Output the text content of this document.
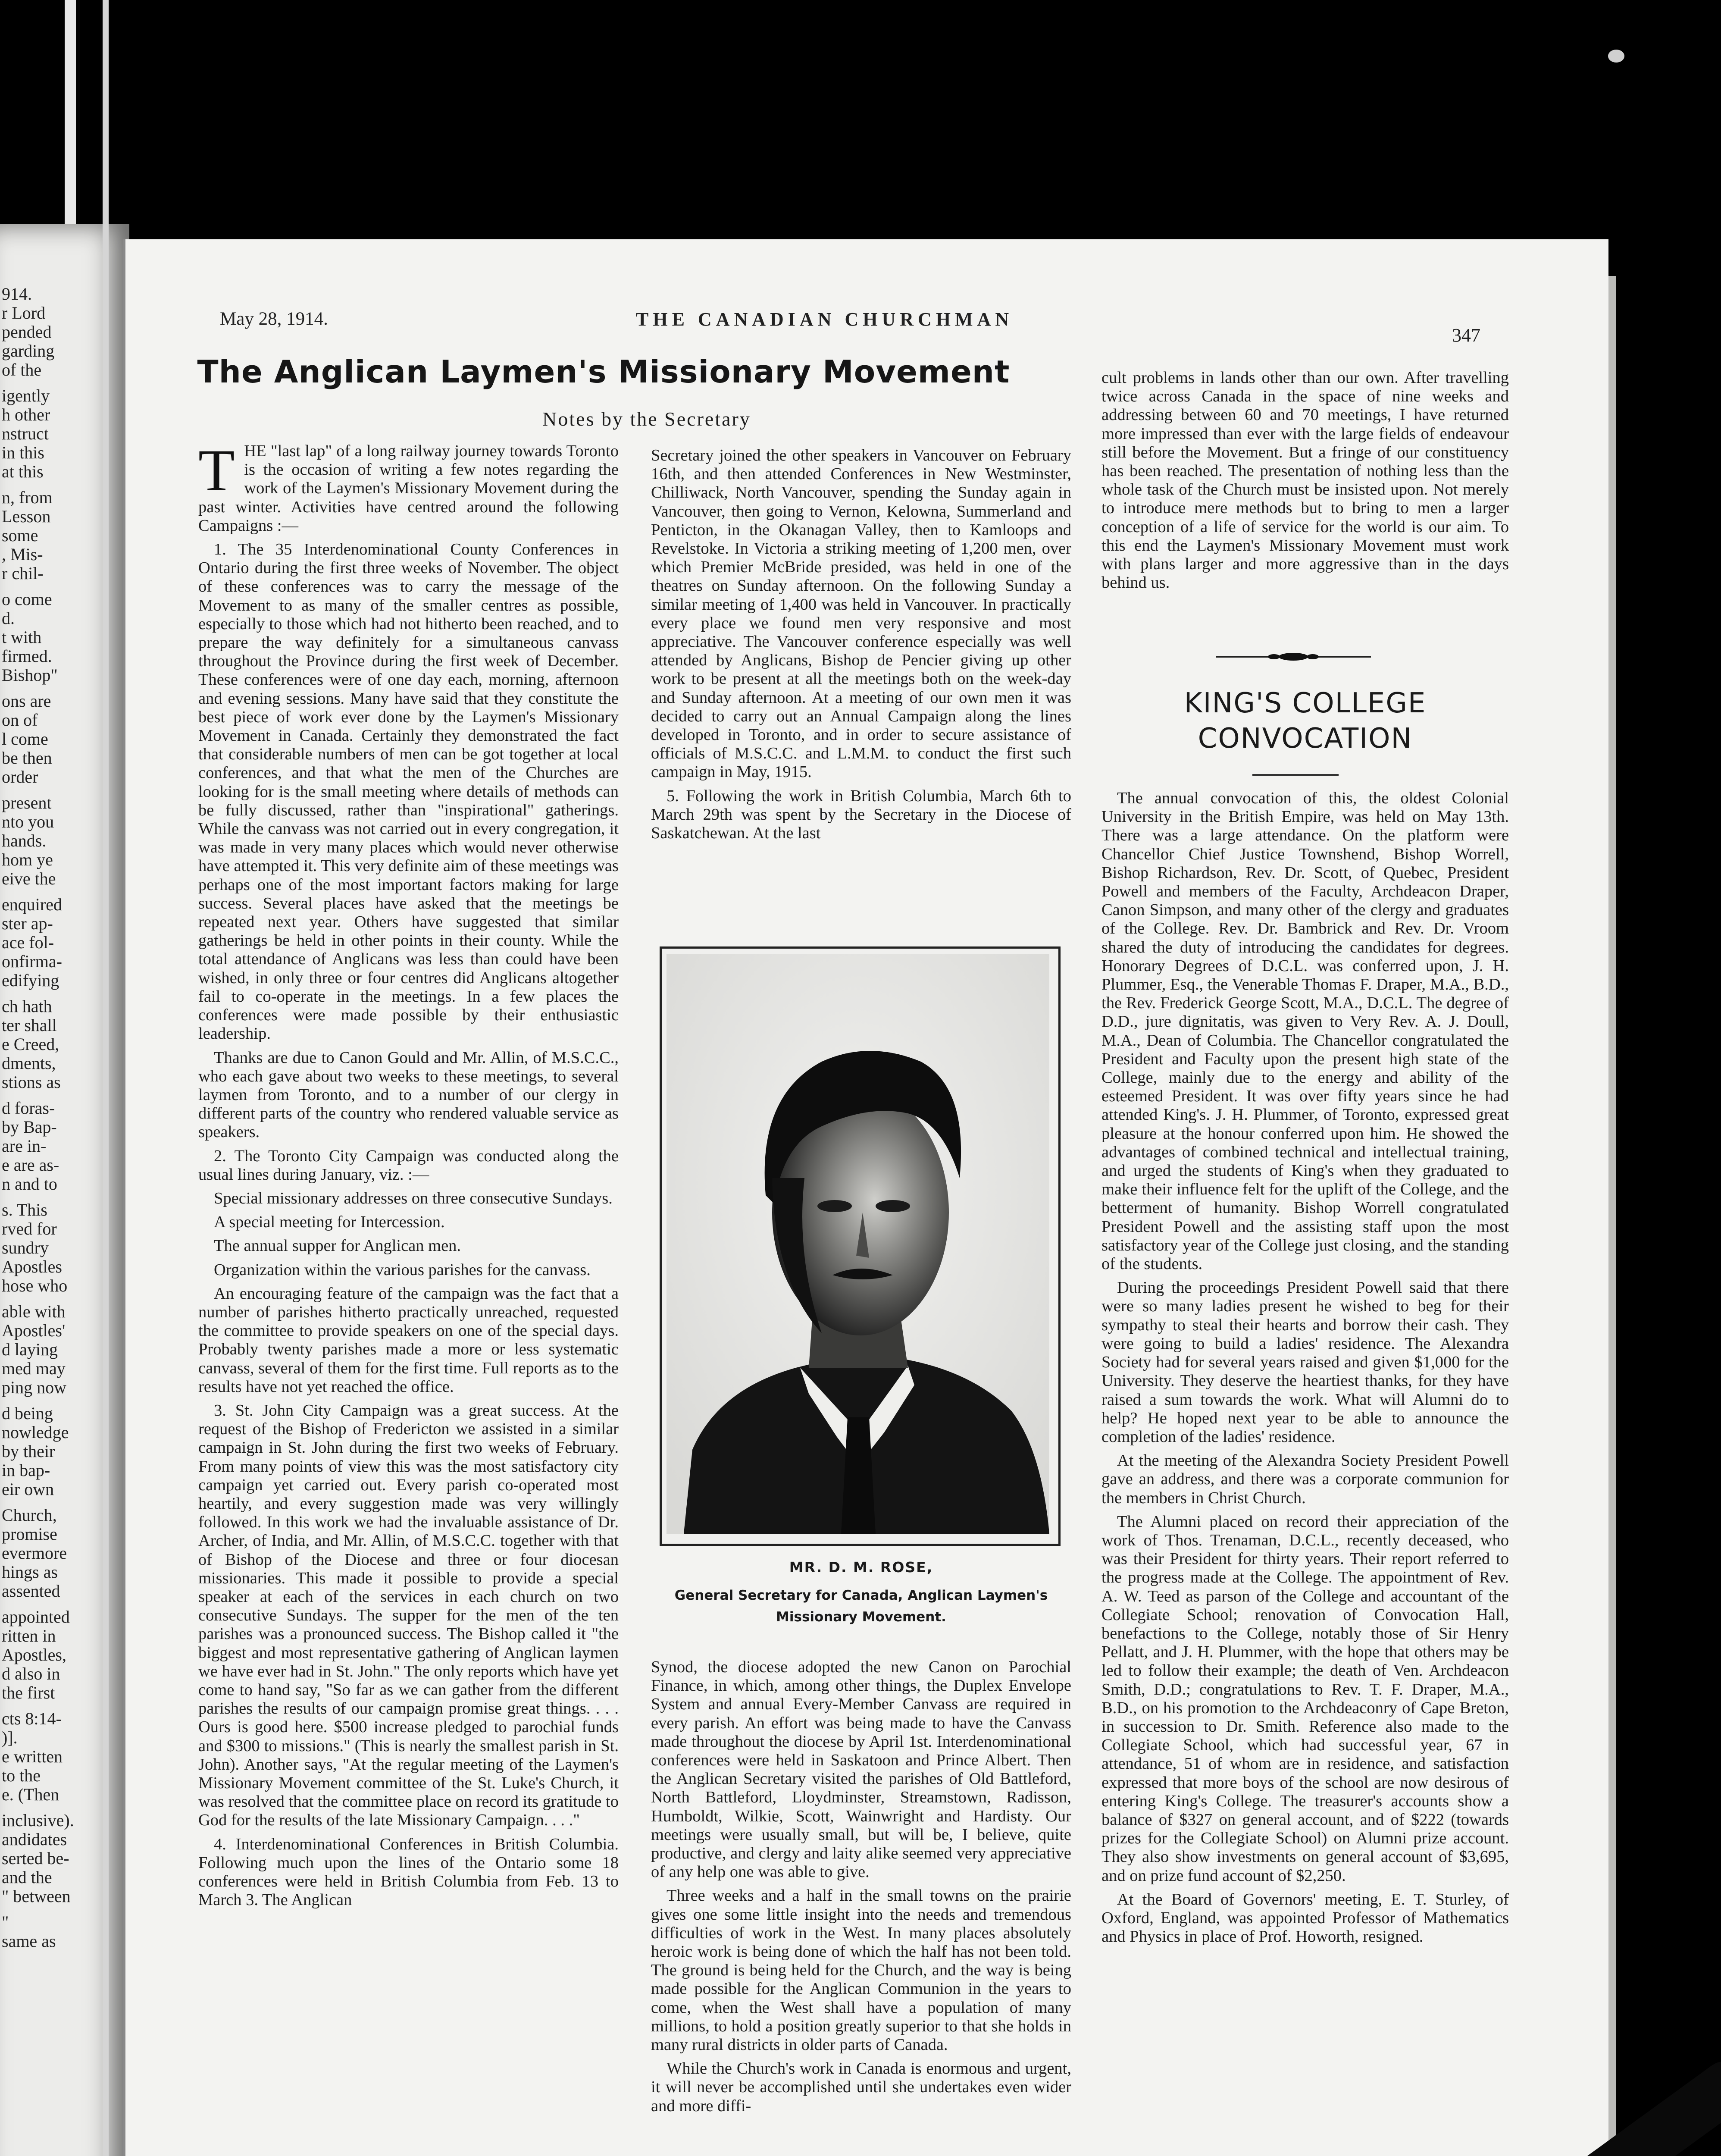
914.
r Lord
pended
garding
of the
igently
h other
nstruct
in this
at this
n, from
Lesson
some
, Mis-
r chil-
o come
d.
t with
firmed.
Bishop"
ons are
on of
l come
be then
order
present
nto you
hands.
hom ye
eive the
enquired
ster ap-
ace fol-
onfirma-
edifying
ch hath
ter shall
e Creed,
dments,
stions as
d foras-
by Bap-
are in-
e are as-
n and to
s. This
rved for
sundry
Apostles
hose who
able with
Apostles'
d laying
med may
ping now
d being
nowledge
by their
in bap-
eir own
Church,
promise
evermore
hings as
assented
appointed
ritten in
Apostles,
d also in
the first
cts 8:14-
)].
e written
to the
e. (Then
inclusive).
andidates
serted be-
and the
" between
"
same as
May 28, 1914.	THE CANADIAN CHURCHMAN
347
The Anglican Laymen's Missionary Movement
Notes by the Secretary

THE "last lap" of a long railway journey towards Toronto is the occasion of writing a few notes regarding the work of the Laymen's Missionary Movement during the past winter. Activities have centred around the following Campaigns :—

1. The 35 Interdenominational County Conferences in Ontario during the first three weeks of November. The object of these conferences was to carry the message of the Movement to as many of the smaller centres as possible, especially to those which had not hitherto been reached, and to prepare the way definitely for a simultaneous canvass throughout the Province during the first week of December. These conferences were of one day each, morning, afternoon and evening sessions. Many have said that they constitute the best piece of work ever done by the Laymen's Missionary Movement in Canada. Certainly they demonstrated the fact that considerable numbers of men can be got together at local conferences, and that what the men of the Churches are looking for is the small meeting where details of methods can be fully discussed, rather than "inspirational" gatherings. While the canvass was not carried out in every congregation, it was made in very many places which would never otherwise have attempted it. This very definite aim of these meetings was perhaps one of the most important factors making for large success. Several places have asked that the meetings be repeated next year. Others have suggested that similar gatherings be held in other points in their county. While the total attendance of Anglicans was less than could have been wished, in only three or four centres did Anglicans altogether fail to co-operate in the meetings. In a few places the conferences were made possible by their enthusiastic leadership.

Thanks are due to Canon Gould and Mr. Allin, of M.S.C.C., who each gave about two weeks to these meetings, to several laymen from Toronto, and to a number of our clergy in different parts of the country who rendered valuable service as speakers.

2. The Toronto City Campaign was conducted along the usual lines during January, viz. :—

Special missionary addresses on three consecutive Sundays.

A special meeting for Intercession.

The annual supper for Anglican men.

Organization within the various parishes for the canvass.

An encouraging feature of the campaign was the fact that a number of parishes hitherto practically unreached, requested the committee to provide speakers on one of the special days. Probably twenty parishes made a more or less systematic canvass, several of them for the first time. Full reports as to the results have not yet reached the office.

3. St. John City Campaign was a great success. At the request of the Bishop of Fredericton we assisted in a similar campaign in St. John during the first two weeks of February. From many points of view this was the most satisfactory city campaign yet carried out. Every parish co-operated most heartily, and every suggestion made was very willingly followed. In this work we had the invaluable assistance of Dr. Archer, of India, and Mr. Allin, of M.S.C.C. together with that of Bishop of the Diocese and three or four diocesan missionaries. This made it possible to provide a special speaker at each of the services in each church on two consecutive Sundays. The supper for the men of the ten parishes was a pronounced success. The Bishop called it "the biggest and most representative gathering of Anglican laymen we have ever had in St. John." The only reports which have yet come to hand say, "So far as we can gather from the different parishes the results of our campaign promise great things. . . . Ours is good here. $500 increase pledged to parochial funds and $300 to missions." (This is nearly the smallest parish in St. John). Another says, "At the regular meeting of the Laymen's Missionary Movement committee of the St. Luke's Church, it was resolved that the committee place on record its gratitude to God for the results of the late Missionary Campaign. . . ."

4. Interdenominational Conferences in British Columbia. Following much upon the lines of the Ontario some 18 conferences were held in British Columbia from Feb. 13 to March 3. The Anglican

Secretary joined the other speakers in Vancouver on February 16th, and then attended Conferences in New Westminster, Chilliwack, North Vancouver, spending the Sunday again in Vancouver, then going to Vernon, Kelowna, Summerland and Penticton, in the Okanagan Valley, then to Kamloops and Revelstoke. In Victoria a striking meeting of 1,200 men, over which Premier McBride presided, was held in one of the theatres on Sunday afternoon. On the following Sunday a similar meeting of 1,400 was held in Vancouver. In practically every place we found men very responsive and most appreciative. The Vancouver conference especially was well attended by Anglicans, Bishop de Pencier giving up other work to be present at all the meetings both on the week-day and Sunday afternoon. At a meeting of our own men it was decided to carry out an Annual Campaign along the lines developed in Toronto, and in order to secure assistance of officials of M.S.C.C. and L.M.M. to conduct the first such campaign in May, 1915.

5. Following the work in British Columbia, March 6th to March 29th was spent by the Secretary in the Diocese of Saskatchewan. At the last

MR. D. M. ROSE,
General Secretary for Canada, Anglican Laymen's Missionary Movement.

Synod, the diocese adopted the new Canon on Parochial Finance, in which, among other things, the Duplex Envelope System and annual Every-Member Canvass are required in every parish. An effort was being made to have the Canvass made throughout the diocese by April 1st. Interdenominational conferences were held in Saskatoon and Prince Albert. Then the Anglican Secretary visited the parishes of Old Battleford, North Battleford, Lloydminster, Streamstown, Radisson, Humboldt, Wilkie, Scott, Wainwright and Hardisty. Our meetings were usually small, but will be, I believe, quite productive, and clergy and laity alike seemed very appreciative of any help one was able to give.

Three weeks and a half in the small towns on the prairie gives one some little insight into the needs and tremendous difficulties of work in the West. In many places absolutely heroic work is being done of which the half has not been told. The ground is being held for the Church, and the way is being made possible for the Anglican Communion in the years to come, when the West shall have a population of many millions, to hold a position greatly superior to that she holds in many rural districts in older parts of Canada.

While the Church's work in Canada is enormous and urgent, it will never be accomplished until she undertakes even wider and more diffi-

cult problems in lands other than our own. After travelling twice across Canada in the space of nine weeks and addressing between 60 and 70 meetings, I have returned more impressed than ever with the large fields of endeavour still before the Movement. But a fringe of our constituency has been reached. The presentation of nothing less than the whole task of the Church must be insisted upon. Not merely to introduce mere methods but to bring to men a larger conception of a life of service for the world is our aim. To this end the Laymen's Missionary Movement must work with plans larger and more aggressive than in the days behind us.

KING'S COLLEGE
CONVOCATION

The annual convocation of this, the oldest Colonial University in the British Empire, was held on May 13th. There was a large attendance. On the platform were Chancellor Chief Justice Townshend, Bishop Worrell, Bishop Richardson, Rev. Dr. Scott, of Quebec, President Powell and members of the Faculty, Archdeacon Draper, Canon Simpson, and many other of the clergy and graduates of the College. Rev. Dr. Bambrick and Rev. Dr. Vroom shared the duty of introducing the candidates for degrees. Honorary Degrees of D.C.L. was conferred upon, J. H. Plummer, Esq., the Venerable Thomas F. Draper, M.A., B.D., the Rev. Frederick George Scott, M.A., D.C.L. The degree of D.D., jure dignitatis, was given to Very Rev. A. J. Doull, M.A., Dean of Columbia. The Chancellor congratulated the President and Faculty upon the present high state of the College, mainly due to the energy and ability of the esteemed President. It was over fifty years since he had attended King's. J. H. Plummer, of Toronto, expressed great pleasure at the honour conferred upon him. He showed the advantages of combined technical and intellectual training, and urged the students of King's when they graduated to make their influence felt for the uplift of the College, and the betterment of humanity. Bishop Worrell congratulated President Powell and the assisting staff upon the most satisfactory year of the College just closing, and the standing of the students.

During the proceedings President Powell said that there were so many ladies present he wished to beg for their sympathy to steal their hearts and borrow their cash. They were going to build a ladies' residence. The Alexandra Society had for several years raised and given $1,000 for the University. They deserve the heartiest thanks, for they have raised a sum towards the work. What will Alumni do to help? He hoped next year to be able to announce the completion of the ladies' residence.

At the meeting of the Alexandra Society President Powell gave an address, and there was a corporate communion for the members in Christ Church.

The Alumni placed on record their appreciation of the work of Thos. Trenaman, D.C.L., recently deceased, who was their President for thirty years. Their report referred to the progress made at the College. The appointment of Rev. A. W. Teed as parson of the College and accountant of the Collegiate School; renovation of Convocation Hall, benefactions to the College, notably those of Sir Henry Pellatt, and J. H. Plummer, with the hope that others may be led to follow their example; the death of Ven. Archdeacon Smith, D.D.; congratulations to Rev. T. F. Draper, M.A., B.D., on his promotion to the Archdeaconry of Cape Breton, in succession to Dr. Smith. Reference also made to the Collegiate School, which had successful year, 67 in attendance, 51 of whom are in residence, and satisfaction expressed that more boys of the school are now desirous of entering King's College. The treasurer's accounts show a balance of $327 on general account, and of $222 (towards prizes for the Collegiate School) on Alumni prize account. They also show investments on general account of $3,695, and on prize fund account of $2,250.

At the Board of Governors' meeting, E. T. Sturley, of Oxford, England, was appointed Professor of Mathematics and Physics in place of Prof. Howorth, resigned.
